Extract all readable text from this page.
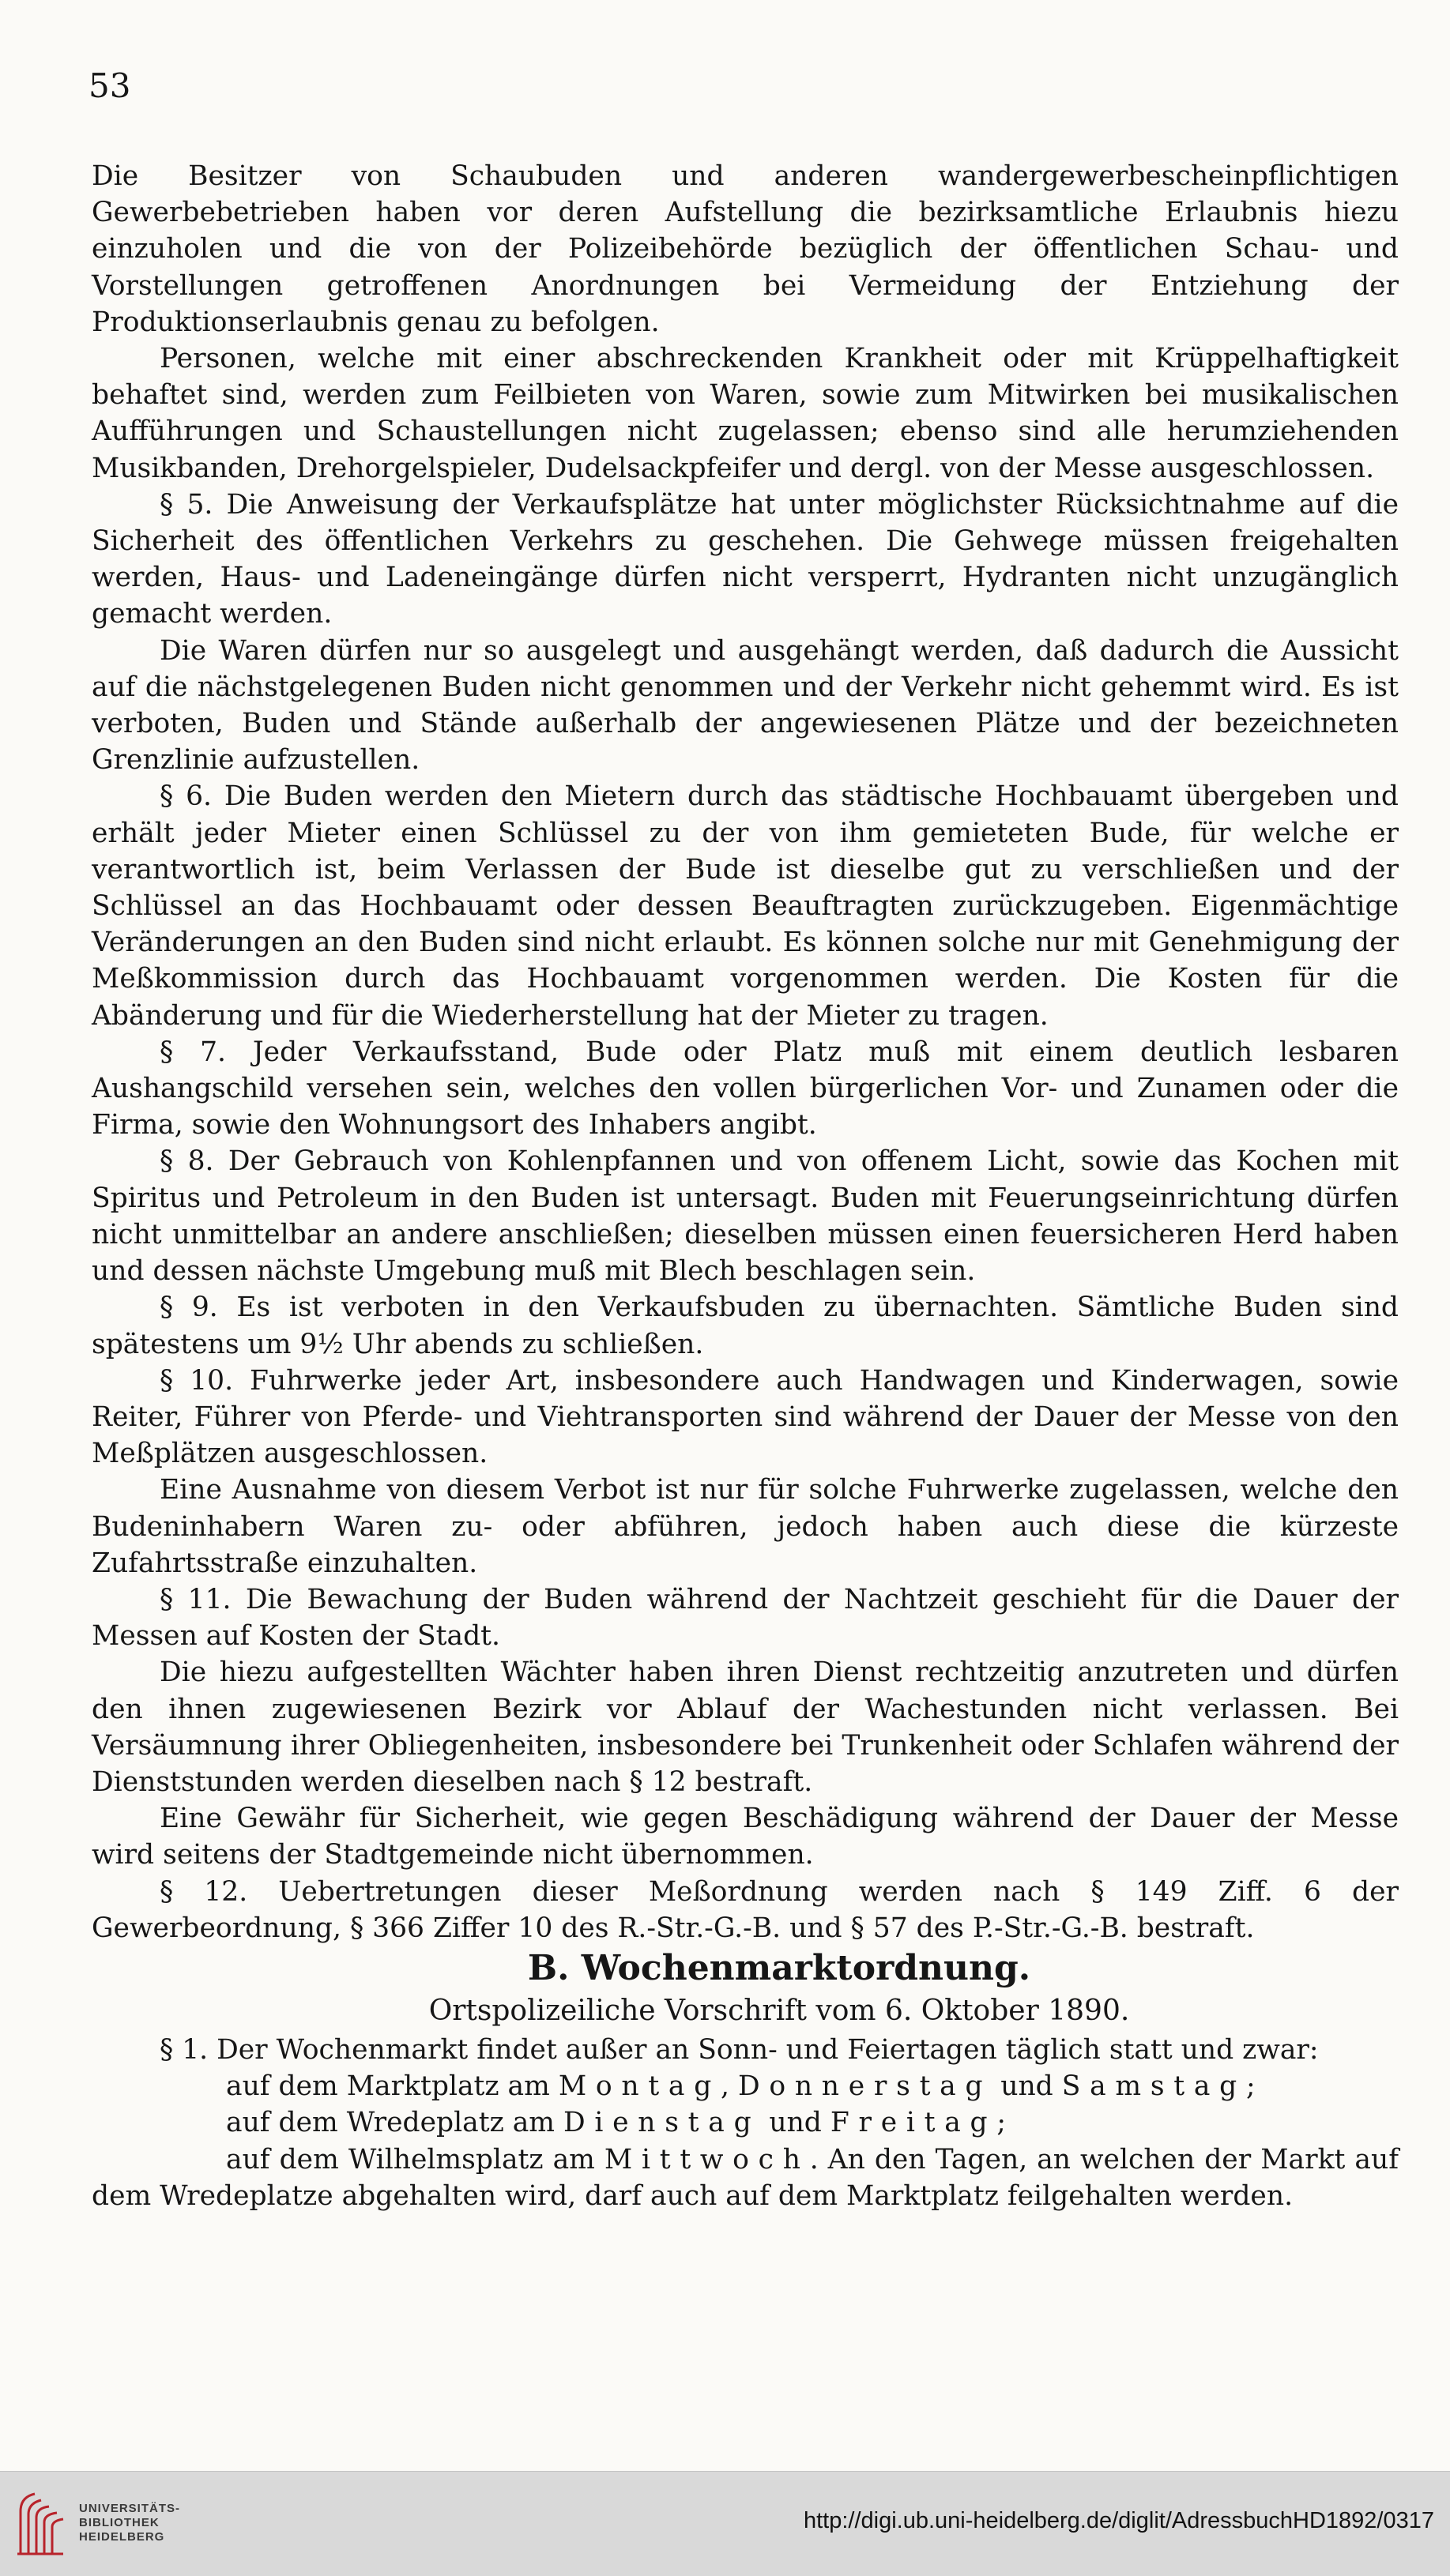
53

Die Besitzer von Schaubuden und anderen wandergewerbescheinpflichtigen Gewerbebetrieben haben vor deren Aufstellung die bezirksamtliche Erlaubnis hiezu einzuholen und die von der Polizeibehörde bezüglich der öffentlichen Schau- und Vorstellungen getroffenen Anordnungen bei Vermeidung der Entziehung der Produktionserlaubnis genau zu befolgen.

Personen, welche mit einer abschreckenden Krankheit oder mit Krüppelhaftigkeit behaftet sind, werden zum Feilbieten von Waren, sowie zum Mitwirken bei musikalischen Aufführungen und Schaustellungen nicht zugelassen; ebenso sind alle herumziehenden Musikbanden, Drehorgelspieler, Dudelsackpfeifer und dergl. von der Messe ausgeschlossen.

§ 5. Die Anweisung der Verkaufsplätze hat unter möglichster Rücksichtnahme auf die Sicherheit des öffentlichen Verkehrs zu geschehen. Die Gehwege müssen freigehalten werden, Haus- und Ladeneingänge dürfen nicht versperrt, Hydranten nicht unzugänglich gemacht werden.

Die Waren dürfen nur so ausgelegt und ausgehängt werden, daß dadurch die Aussicht auf die nächstgelegenen Buden nicht genommen und der Verkehr nicht gehemmt wird. Es ist verboten, Buden und Stände außerhalb der angewiesenen Plätze und der bezeichneten Grenzlinie aufzustellen.

§ 6. Die Buden werden den Mietern durch das städtische Hochbauamt übergeben und erhält jeder Mieter einen Schlüssel zu der von ihm gemieteten Bude, für welche er verantwortlich ist, beim Verlassen der Bude ist dieselbe gut zu verschließen und der Schlüssel an das Hochbauamt oder dessen Beauftragten zurückzugeben. Eigenmächtige Veränderungen an den Buden sind nicht erlaubt. Es können solche nur mit Genehmigung der Meßkommission durch das Hochbauamt vorgenommen werden. Die Kosten für die Abänderung und für die Wiederherstellung hat der Mieter zu tragen.

§ 7. Jeder Verkaufsstand, Bude oder Platz muß mit einem deutlich lesbaren Aushangschild versehen sein, welches den vollen bürgerlichen Vor- und Zunamen oder die Firma, sowie den Wohnungsort des Inhabers angibt.

§ 8. Der Gebrauch von Kohlenpfannen und von offenem Licht, sowie das Kochen mit Spiritus und Petroleum in den Buden ist untersagt. Buden mit Feuerungseinrichtung dürfen nicht unmittelbar an andere anschließen; dieselben müssen einen feuersicheren Herd haben und dessen nächste Umgebung muß mit Blech beschlagen sein.

§ 9. Es ist verboten in den Verkaufsbuden zu übernachten. Sämtliche Buden sind spätestens um 9½ Uhr abends zu schließen.

§ 10. Fuhrwerke jeder Art, insbesondere auch Handwagen und Kinderwagen, sowie Reiter, Führer von Pferde- und Viehtransporten sind während der Dauer der Messe von den Meßplätzen ausgeschlossen.

Eine Ausnahme von diesem Verbot ist nur für solche Fuhrwerke zugelassen, welche den Budeninhabern Waren zu- oder abführen, jedoch haben auch diese die kürzeste Zufahrtsstraße einzuhalten.

§ 11. Die Bewachung der Buden während der Nachtzeit geschieht für die Dauer der Messen auf Kosten der Stadt.

Die hiezu aufgestellten Wächter haben ihren Dienst rechtzeitig anzutreten und dürfen den ihnen zugewiesenen Bezirk vor Ablauf der Wachestunden nicht verlassen. Bei Versäumnung ihrer Obliegenheiten, insbesondere bei Trunkenheit oder Schlafen während der Dienststunden werden dieselben nach § 12 bestraft.

Eine Gewähr für Sicherheit, wie gegen Beschädigung während der Dauer der Messe wird seitens der Stadtgemeinde nicht übernommen.

§ 12. Uebertretungen dieser Meßordnung werden nach § 149 Ziff. 6 der Gewerbeordnung, § 366 Ziffer 10 des R.-Str.-G.-B. und § 57 des P.-Str.-G.-B. bestraft.

B. Wochenmarktordnung.

Ortspolizeiliche Vorschrift vom 6. Oktober 1890.

§ 1. Der Wochenmarkt findet außer an Sonn- und Feiertagen täglich statt und zwar:

auf dem Marktplatz am Montag, Donnerstag und Samstag;

auf dem Wredeplatz am Dienstag und Freitag;

auf dem Wilhelmsplatz am Mittwoch. An den Tagen, an welchen der Markt auf dem Wredeplatze abgehalten wird, darf auch auf dem Marktplatz feilgehalten werden.

UNIVERSITÄTS-
BIBLIOTHEK
HEIDELBERG
http://digi.ub.uni-heidelberg.de/diglit/AdressbuchHD1892/0317
